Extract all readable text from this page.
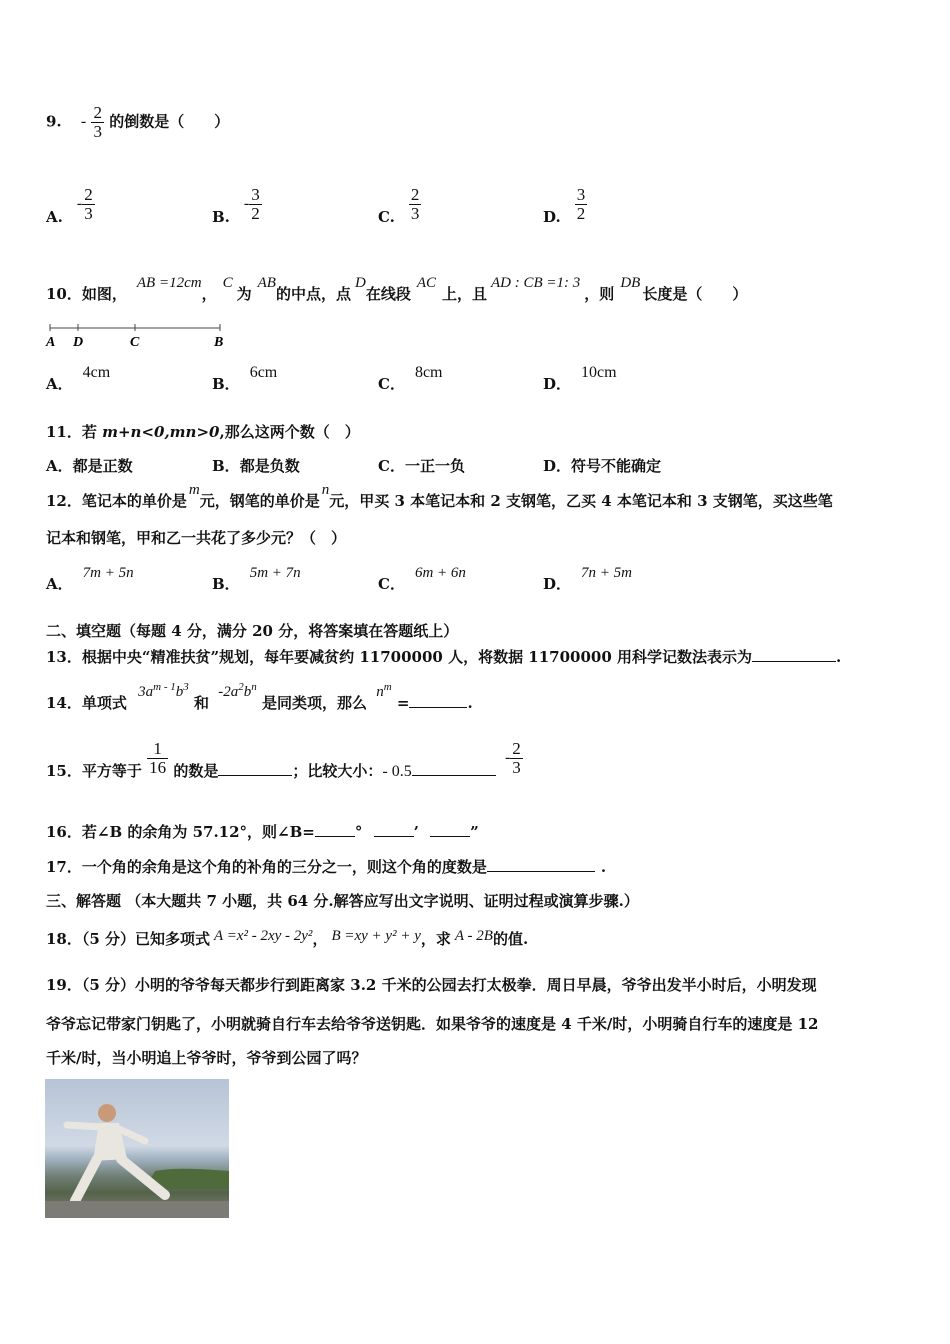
9. - $\frac{2}{3}$ 的倒数是（　　）
$A.- \frac{2}{3}$	$B.- \frac{3}{2}$	C. $\frac{2}{3}$	D. $\frac{3}{2}$
10．如图，AB =12cm，C为AB的中点，点D在线段AC上，且AD : CB =1: 3，则DB长度是（　　）
A D	C	B
A．4cm
B．6cm
C．8cm
D．10cm
11．若 m+n<0,mn>0,那么这两个数（　）
A．都是正数	B．都是负数	C．一正一负	D．符号不能确定
12．笔记本的单价是m元，钢笔的单价是n元，甲买 3 本笔记本和 2 支钢笔，乙买 4 本笔记本和 3 支钢笔，买这些笔
记本和钢笔，甲和乙一共花了多少元？（　）
A．7m + 5n
B．5m + 7n
C．6m + 6n
D．7n + 5m
二、填空题（每题 4 分，满分 20 分，将答案填在答题纸上）
13．根据中央“精准扶贫”规划，每年要减贫约 11700000 人，将数据 11700000 用科学记数法表示为	.
14．单项式 $3a^{m - 1}b^3$ 和 $-2a^2b^n$ 是同类项，那么 $n^m$ =	.
15．平方等于 $\frac{1}{16}$ 的数是	；比较大小：- $0.5 - \frac{2}{3}$
16．若∠B 的余角为 57.12°，则∠B=	°	’	”
17．一个角的余角是这个角的补角的三分之一，则这个角的度数是	.
三、解答题 （本大题共 7 小题，共 64 分.解答应写出文字说明、证明过程或演算步骤.）
18．（5 分）已知多项式 A =x² - 2xy - 2y²， B =xy + y² + y，求 A - 2B的值.
19．（5 分）小明的爷爷每天都步行到距离家 3.2 千米的公园去打太极拳．周日早晨，爷爷出发半小时后，小明发现
爷爷忘记带家门钥匙了，小明就骑自行车去给爷爷送钥匙．如果爷爷的速度是 4 千米/时，小明骑自行车的速度是 12
千米/时，当小明追上爷爷时，爷爷到公园了吗？
